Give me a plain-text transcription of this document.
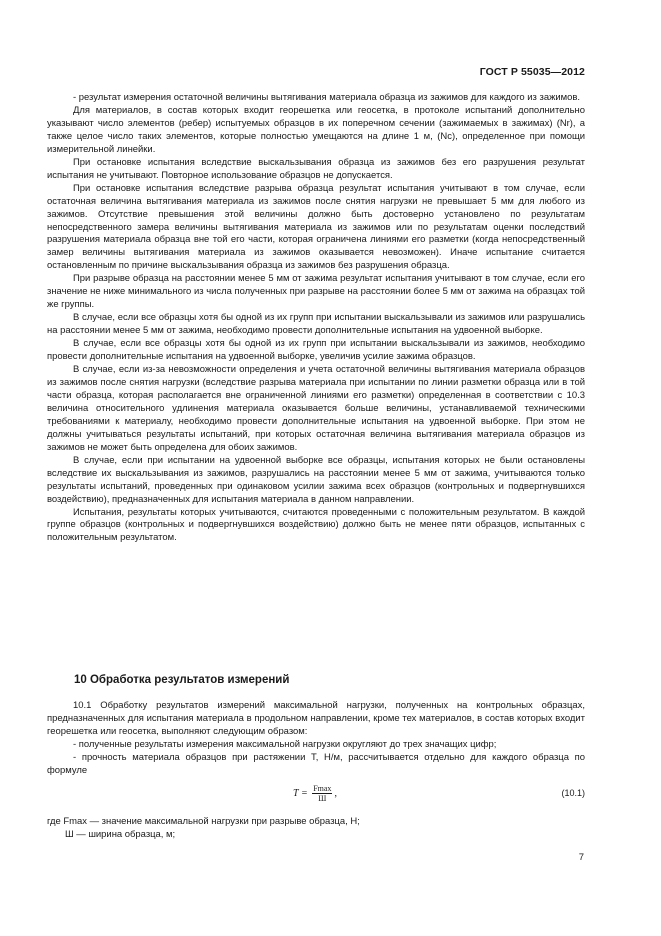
ГОСТ Р 55035—2012

- результат измерения остаточной величины вытягивания материала образца из зажимов для каждого из зажимов.

Для материалов, в состав которых входит георешетка или геосетка, в протоколе испытаний дополнительно указывают число элементов (ребер) испытуемых образцов в их поперечном сечении (зажимаемых в зажимах) (Nr), а также целое число таких элементов, которые полностью умещаются на длине 1 м, (Nc), определенное при помощи измерительной линейки.

При остановке испытания вследствие выскальзывания образца из зажимов без его разрушения результат испытания не учитывают. Повторное использование образцов не допускается.

При остановке испытания вследствие разрыва образца результат испытания учитывают в том случае, если остаточная величина вытягивания материала из зажимов после снятия нагрузки не превышает 5 мм для любого из зажимов. Отсутствие превышения этой величины должно быть достоверно установлено по результатам непосредственного замера величины вытягивания материала из зажимов или по результатам оценки последствий разрушения материала образца вне той его части, которая ограничена линиями его разметки (когда непосредственный замер величины вытягивания материала из зажимов оказывается невозможен). Иначе испытание считается остановленным по причине выскальзывания образца из зажимов без разрушения образца.

При разрыве образца на расстоянии менее 5 мм от зажима результат испытания учитывают в том случае, если его значение не ниже минимального из числа полученных при разрыве на расстоянии более 5 мм от зажима на образцах той же группы.

В случае, если все образцы хотя бы одной из их групп при испытании выскальзывали из зажимов или разрушались на расстоянии менее 5 мм от зажима, необходимо провести дополнительные испытания на удвоенной выборке.

В случае, если все образцы хотя бы одной из их групп при испытании выскальзывали из зажимов, необходимо провести дополнительные испытания на удвоенной выборке, увеличив усилие зажима образцов.

В случае, если из-за невозможности определения и учета остаточной величины вытягивания материала образцов из зажимов после снятия нагрузки (вследствие разрыва материала при испытании по линии разметки образца или в той части образца, которая располагается вне ограниченной линиями его разметки) определенная в соответствии с 10.3 величина относительного удлинения материала оказывается больше величины, устанавливаемой техническими требованиями к материалу, необходимо провести дополнительные испытания на удвоенной выборке. При этом не должны учитываться результаты испытаний, при которых остаточная величина вытягивания материала образцов из зажимов не может быть определена для обоих зажимов.

В случае, если при испытании на удвоенной выборке все образцы, испытания которых не были остановлены вследствие их выскальзывания из зажимов, разрушались на расстоянии менее 5 мм от зажима, учитываются только результаты испытаний, проведенных при одинаковом усилии зажима всех образцов (контрольных и подвергнувшихся воздействию), предназначенных для испытания материала в данном направлении.

Испытания, результаты которых учитываются, считаются проведенными с положительным результатом. В каждой группе образцов (контрольных и подвергнувшихся воздействию) должно быть не менее пяти образцов, испытанных с положительным результатом.

10 Обработка результатов измерений

10.1 Обработку результатов измерений максимальной нагрузки, полученных на контрольных образцах, предназначенных для испытания материала в продольном направлении, кроме тех материалов, в состав которых входит георешетка или геосетка, выполняют следующим образом:

- полученные результаты измерения максимальной нагрузки округляют до трех значащих цифр;

- прочность материала образцов при растяжении T, Н/м, рассчитывается отдельно для каждого образца по формуле

$T = \frac{Fmax}{Ш}$ ,	(10.1)
где Fmax — значение максимальной нагрузки при разрыве образца, Н;
Ш — ширина образца, м;
7
